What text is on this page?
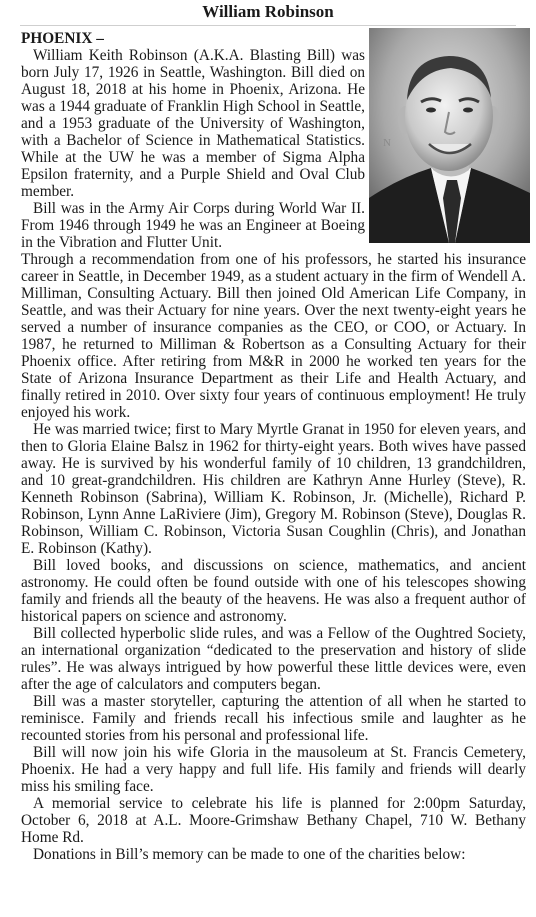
William Robinson
N

PHOENIX –

William Keith Robinson (A.K.A. Blasting Bill) was born July 17, 1926 in Seattle, Washington. Bill died on August 18, 2018 at his home in Phoenix, Arizona. He was a 1944 graduate of Franklin High School in Seattle, and a 1953 graduate of the University of Washington, with a Bachelor of Science in Mathematical Statistics. While at the UW he was a member of Sigma Alpha Epsilon fraternity, and a Purple Shield and Oval Club member.

Bill was in the Army Air Corps during World War II. From 1946 through 1949 he was an Engineer at Boeing in the Vibration and Flutter Unit.

Through a recommendation from one of his professors, he started his insurance career in Seattle, in December 1949, as a student actuary in the firm of Wendell A. Milliman, Consulting Actuary. Bill then joined Old American Life Company, in Seattle, and was their Actuary for nine years. Over the next twenty-eight years he served a number of insurance companies as the CEO, or COO, or Actuary. In 1987, he returned to Milliman & Robertson as a Consulting Actuary for their Phoenix office. After retiring from M&R in 2000 he worked ten years for the State of Arizona Insurance Department as their Life and Health Actuary, and finally retired in 2010. Over sixty four years of continuous employment! He truly enjoyed his work.

He was married twice; first to Mary Myrtle Granat in 1950 for eleven years, and then to Gloria Elaine Balsz in 1962 for thirty-eight years. Both wives have passed away. He is survived by his wonderful family of 10 children, 13 grandchildren, and 10 great-grandchildren. His children are Kathryn Anne Hurley (Steve), R. Kenneth Robinson (Sabrina), William K. Robinson, Jr. (Michelle), Richard P. Robinson, Lynn Anne LaRiviere (Jim), Gregory M. Robinson (Steve), Douglas R. Robinson, William C. Robinson, Victoria Susan Coughlin (Chris), and Jonathan E. Robinson (Kathy).

Bill loved books, and discussions on science, mathematics, and ancient astronomy. He could often be found outside with one of his telescopes showing family and friends all the beauty of the heavens. He was also a frequent author of historical papers on science and astronomy.

Bill collected hyperbolic slide rules, and was a Fellow of the Oughtred Society, an international organization “dedicated to the preservation and history of slide rules”. He was always intrigued by how powerful these little devices were, even after the age of calculators and computers began.

Bill was a master storyteller, capturing the attention of all when he started to reminisce. Family and friends recall his infectious smile and laughter as he recounted stories from his personal and professional life.

Bill will now join his wife Gloria in the mausoleum at St. Francis Cemetery, Phoenix. He had a very happy and full life. His family and friends will dearly miss his smiling face.

A memorial service to celebrate his life is planned for 2:00pm Saturday, October 6, 2018 at A.L. Moore-Grimshaw Bethany Chapel, 710 W. Bethany Home Rd.

Donations in Bill’s memory can be made to one of the charities below:
